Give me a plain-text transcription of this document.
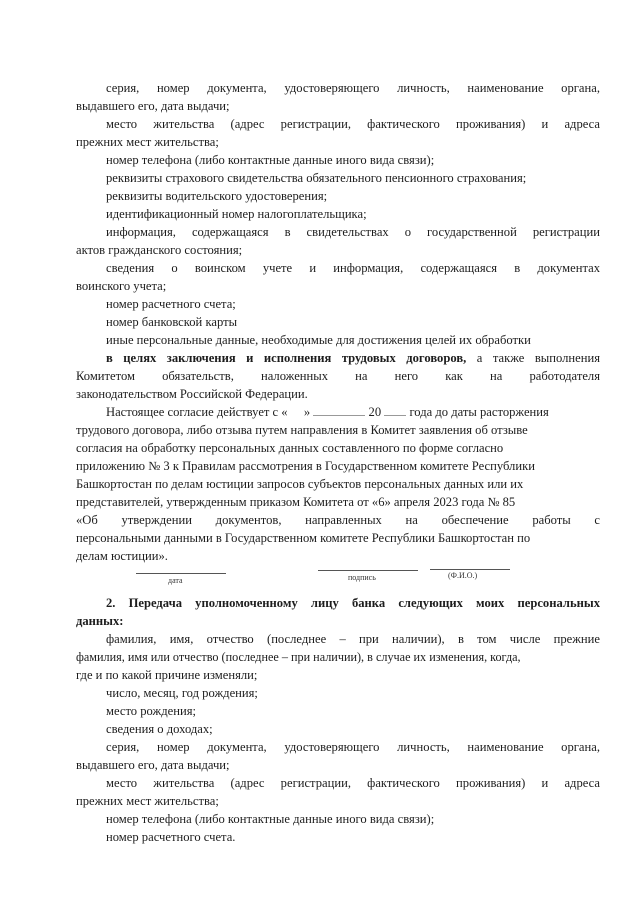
серия, номер документа, удостоверяющего личность, наименование органа,
выдавшего его, дата выдачи;
место жительства (адрес регистрации, фактического проживания) и адреса
прежних мест жительства;
номер телефона (либо контактные данные иного вида связи);
реквизиты страхового свидетельства обязательного пенсионного страхования;
реквизиты водительского удостоверения;
идентификационный номер налогоплательщика;
информация, содержащаяся в свидетельствах о государственной регистрации
актов гражданского состояния;
сведения о воинском учете и информация, содержащаяся в документах
воинского учета;
номер расчетного счета;
номер банковской карты
иные персональные данные, необходимые для достижения целей их обработки
в целях заключения и исполнения трудовых договоров, а также выполнения
Комитетом обязательств, наложенных на него как на работодателя
законодательством Российской Федерации.
Настоящее согласие действует с « »	20 года до даты расторжения
трудового договора, либо отзыва путем направления в Комитет заявления об отзыве
согласия на обработку персональных данных составленного по форме согласно
приложению № 3 к Правилам рассмотрения в Государственном комитете Республики
Башкортостан по делам юстиции запросов субъектов персональных данных или их
представителей, утвержденным приказом Комитета от «6» апреля 2023 года № 85
«Об утверждении документов, направленных на обеспечение работы с
персональными данными в Государственном комитете Республики Башкортостан по
делам юстиции».
дата	подпись	(Ф.И.О.)
2. Передача уполномоченному лицу банка следующих моих персональных
данных:
фамилия, имя, отчество (последнее – при наличии), в том числе прежние
фамилия, имя или отчество (последнее – при наличии), в случае их изменения, когда,
где и по какой причине изменяли;
число, месяц, год рождения;
место рождения;
сведения о доходах;
серия, номер документа, удостоверяющего личность, наименование органа,
выдавшего его, дата выдачи;
место жительства (адрес регистрации, фактического проживания) и адреса
прежних мест жительства;
номер телефона (либо контактные данные иного вида связи);
номер расчетного счета.
